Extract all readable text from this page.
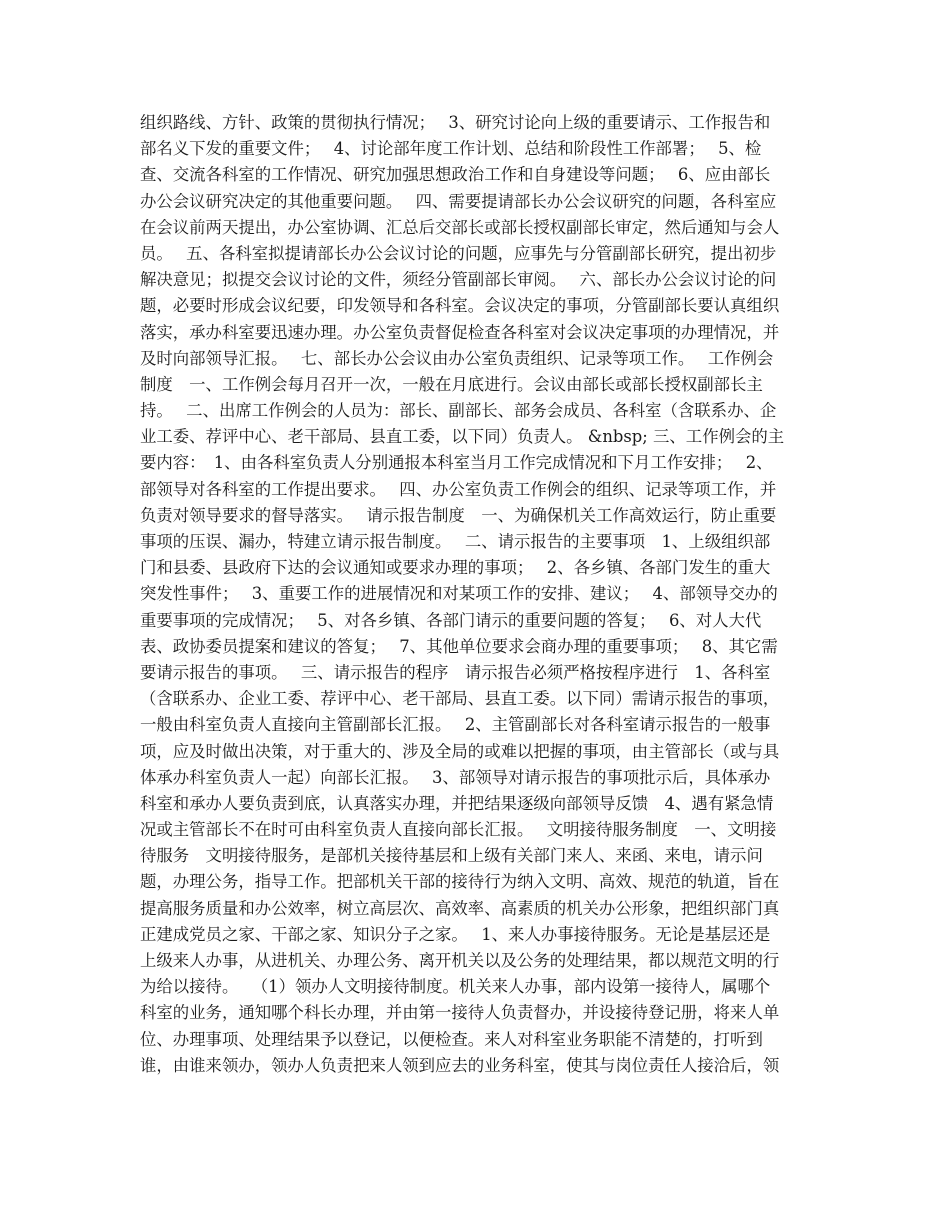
组织路线、方针、政策的贯彻执行情况；　 3、研究讨论向上级的重要请示、工作报告和
部名义下发的重要文件；　 4、讨论部年度工作计划、总结和阶段性工作部署；　 5、检
查、交流各科室的工作情况、研究加强思想政治工作和自身建设等问题；　 6、应由部长
办公会议研究决定的其他重要问题。　 四、需要提请部长办公会议研究的问题，各科室应
在会议前两天提出，办公室协调、汇总后交部长或部长授权副部长审定，然后通知与会人
员。　 五、各科室拟提请部长办公会议讨论的问题，应事先与分管副部长研究，提出初步
解决意见；拟提交会议讨论的文件，须经分管副部长审阅。　 六、部长办公会议讨论的问
题，必要时形成会议纪要，印发领导和各科室。会议决定的事项，分管副部长要认真组织
落实，承办科室要迅速办理。办公室负责督促检查各科室对会议决定事项的办理情况，并
及时向部领导汇报。　 七、部长办公会议由办公室负责组织、记录等项工作。　 工作例会
制度　一、工作例会每月召开一次，一般在月底进行。会议由部长或部长授权副部长主
持。　 二、出席工作例会的人员为：部长、副部长、部务会成员、各科室（含联系办、企
业工委、荐评中心、老干部局、县直工委，以下同）负责人。 &nbsp; 三、工作例会的主
要内容：　1、由各科室负责人分别通报本科室当月工作完成情况和下月工作安排；　 2、
部领导对各科室的工作提出要求。　 四、办公室负责工作例会的组织、记录等项工作，并
负责对领导要求的督导落实。　 请示报告制度　一、为确保机关工作高效运行，防止重要
事项的压误、漏办，特建立请示报告制度。　 二、请示报告的主要事项　1、上级组织部
门和县委、县政府下达的会议通知或要求办理的事项；　 2、各乡镇、各部门发生的重大
突发性事件；　 3、重要工作的进展情况和对某项工作的安排、建议；　 4、部领导交办的
重要事项的完成情况；　 5、对各乡镇、各部门请示的重要问题的答复；　 6、对人大代
表、政协委员提案和建议的答复；　 7、其他单位要求会商办理的重要事项；　 8、其它需
要请示报告的事项。　 三、请示报告的程序　请示报告必须严格按程序进行　1、各科室
（含联系办、企业工委、荐评中心、老干部局、县直工委。以下同）需请示报告的事项，
一般由科室负责人直接向主管副部长汇报。　 2、主管副部长对各科室请示报告的一般事
项，应及时做出决策，对于重大的、涉及全局的或难以把握的事项，由主管部长（或与具
体承办科室负责人一起）向部长汇报。　 3、部领导对请示报告的事项批示后，具体承办
科室和承办人要负责到底，认真落实办理，并把结果逐级向部领导反馈　4、遇有紧急情
况或主管部长不在时可由科室负责人直接向部长汇报。　 文明接待服务制度　一、文明接
待服务　文明接待服务，是部机关接待基层和上级有关部门来人、来函、来电，请示问
题，办理公务，指导工作。把部机关干部的接待行为纳入文明、高效、规范的轨道，旨在
提高服务质量和办公效率，树立高层次、高效率、高素质的机关办公形象，把组织部门真
正建成党员之家、干部之家、知识分子之家。　 1、来人办事接待服务。无论是基层还是
上级来人办事，从进机关、办理公务、离开机关以及公务的处理结果，都以规范文明的行
为给以接待。　 （1）领办人文明接待制度。机关来人办事，部内设第一接待人，属哪个
科室的业务，通知哪个科长办理，并由第一接待人负责督办，并设接待登记册，将来人单
位、办理事项、处理结果予以登记，以便检查。来人对科室业务职能不清楚的，打听到
谁，由谁来领办，领办人负责把来人领到应去的业务科室，使其与岗位责任人接洽后，领
